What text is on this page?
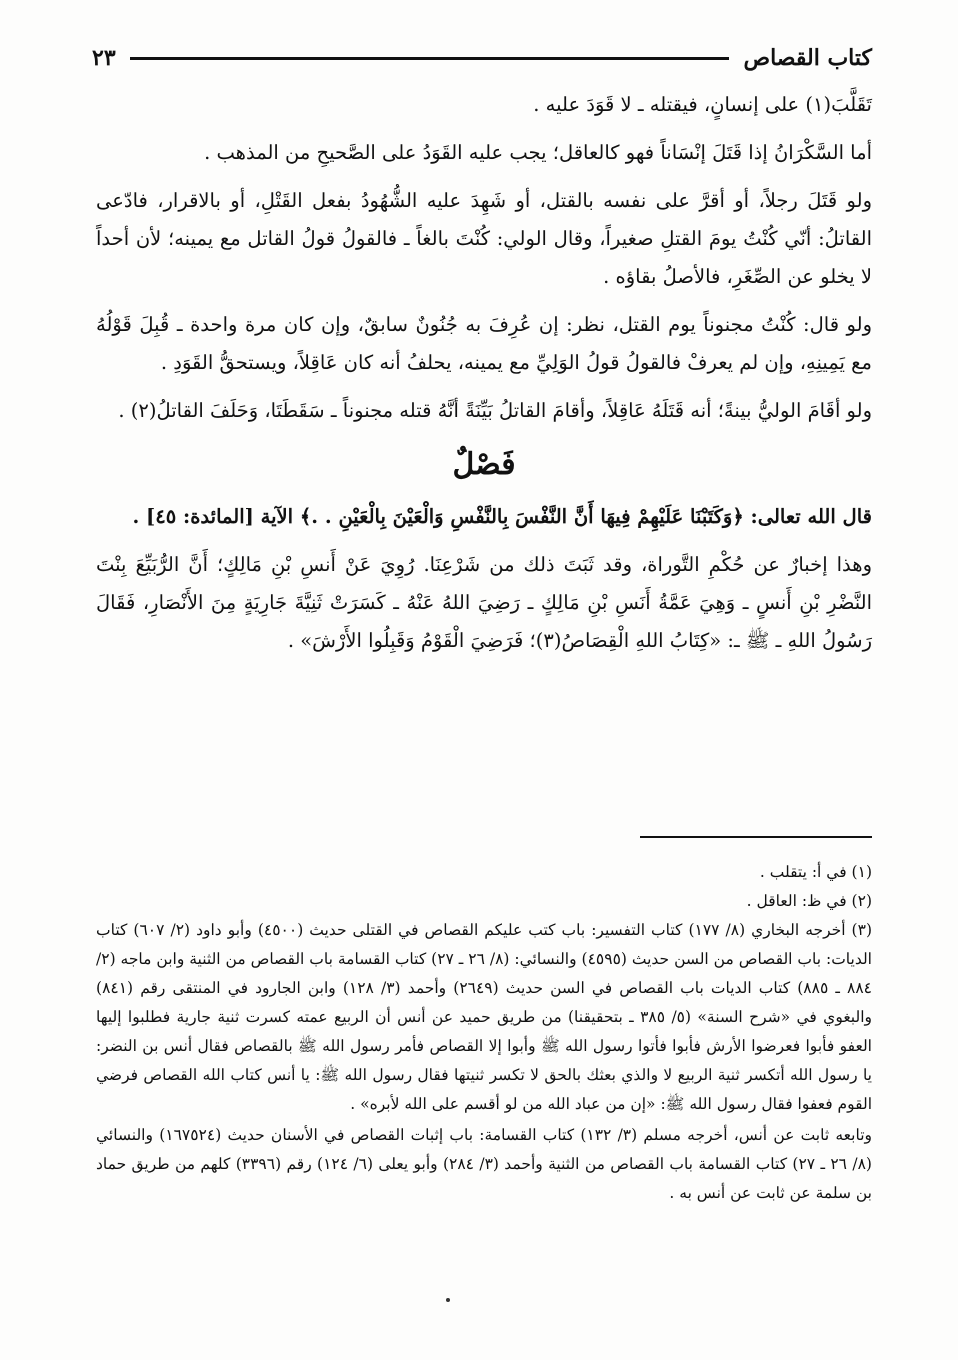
كتاب القصاص
٢٣

تَقَلَّبَ(١) على إنسانٍ، فيقتله ـ لا قَوَدَ عليه .

أما السَّكْرَانُ إذا قَتَلَ إنْسَاناً فهو كالعاقل؛ يجب عليه القَوَدُ على الصَّحيحِ من المذهب .

ولو قَتَلَ رجلاً، أو أقرَّ على نفسه بالقتل، أو شَهِدَ عليه الشُّهُودُ بفعل القَتْلِ، أو بالاقرار، فادّعى القاتلُ: أنّي كُنْتُ يومَ القتلِ صغيراً، وقال الولي: كُنْتَ بالغاً ـ فالقولُ قولُ القاتل مع يمينه؛ لأن أحداً لا يخلو عن الصِّغَرِ، فالأصلُ بقاؤه .

ولو قال: كُنْتُ مجنوناً يوم القتل، نظر: إن عُرِفَ به جُنُونٌ سابقٌ، وإن كان مرة واحدة ـ قُبِلَ قَوْلُهُ مع يَمِينِهِ، وإن لم يعرفْ فالقولُ قولُ الوَلِيِّ مع يمينه، يحلفُ أنه كان عَاقِلاً، ويستحقُّ القَوَدِ .

ولو أقَامَ الوليُّ بينةً؛ أنه قَتَلَهُ عَاقِلاً، وأقامَ القاتلُ بَيِّنَةً أنَّهُ قتله مجنوناً ـ سَقَطَتَا، وَحَلَفَ القاتلُ(٢) .

فَصْلٌ

قال الله تعالى: ﴿وَكَتَبْنَا عَلَيْهِمْ فِيهَا أَنَّ النَّفْسَ بِالنَّفْسِ وَالْعَيْنَ بِالْعَيْنِ . .﴾ الآية [المائدة: ٤٥] .

وهذا إخبارٌ عن حُكْمِ التَّوراة، وقد ثَبَتَ ذلك من شَرْعِنَا. رُوِيَ عَنْ أَنسِ بْنِ مَالِكٍ؛ أَنَّ الرُّبَيِّعَ بِنْتَ النَّضْرِ بْنِ أَنسٍ ـ وَهِيَ عَمَّةُ أَنَسِ بْنِ مَالِكٍ ـ رَضِيَ اللهُ عَنْهُ ـ كَسَرَتْ ثَنِيَّةَ جَارِيَةٍ مِنَ الأَنْصَارِ، فَقَالَ رَسُولُ اللهِ ـ ﷺ ـ: «كِتَابُ اللهِ الْقِصَاصُ(٣)؛ فَرَضِيَ الْقَوْمُ وَقَبِلُوا الأَرْشَ» .

(١) في أ: يتقلب .

(٢) في ظ: العاقل .

(٣) أخرجه البخاري (٨/ ١٧٧) كتاب التفسير: باب كتب عليكم القصاص في القتلى حديث (٤٥٠٠) وأبو داود (٢/ ٦٠٧) كتاب الديات: باب القصاص من السن حديث (٤٥٩٥) والنسائي: (٨/ ٢٦ ـ ٢٧) كتاب القسامة باب القصاص من الثنية وابن ماجه (٢/ ٨٨٤ ـ ٨٨٥) كتاب الديات باب القصاص في السن حديث (٢٦٤٩) وأحمد (٣/ ١٢٨) وابن الجارود في المنتقى رقم (٨٤١) والبغوي في «شرح السنة» (٥/ ٣٨٥ ـ بتحقيقنا) من طريق حميد عن أنس أن الربيع عمته كسرت ثنية جارية فطلبوا إليها العفو فأبوا فعرضوا الأرش فأبوا فأتوا رسول الله ﷺ وأبوا إلا القصاص فأمر رسول الله ﷺ بالقصاص فقال أنس بن النضر: يا رسول الله أتكسر ثنية الربيع لا والذي بعثك بالحق لا تكسر ثنيتها فقال رسول الله ﷺ: يا أنس كتاب الله القصاص فرضي القوم فعفوا فقال رسول الله ﷺ: «إن من عباد الله من لو أقسم على الله لأبره» .

وتابعه ثابت عن أنس، أخرجه مسلم (٣/ ١٣٢) كتاب القسامة: باب إثبات القصاص في الأسنان حديث (١٦٧٥٢٤) والنسائي (٨/ ٢٦ ـ ٢٧) كتاب القسامة باب القصاص من الثنية وأحمد (٣/ ٢٨٤) وأبو يعلى (٦/ ١٢٤) رقم (٣٣٩٦) كلهم من طريق حماد بن سلمة عن ثابت عن أنس به .
